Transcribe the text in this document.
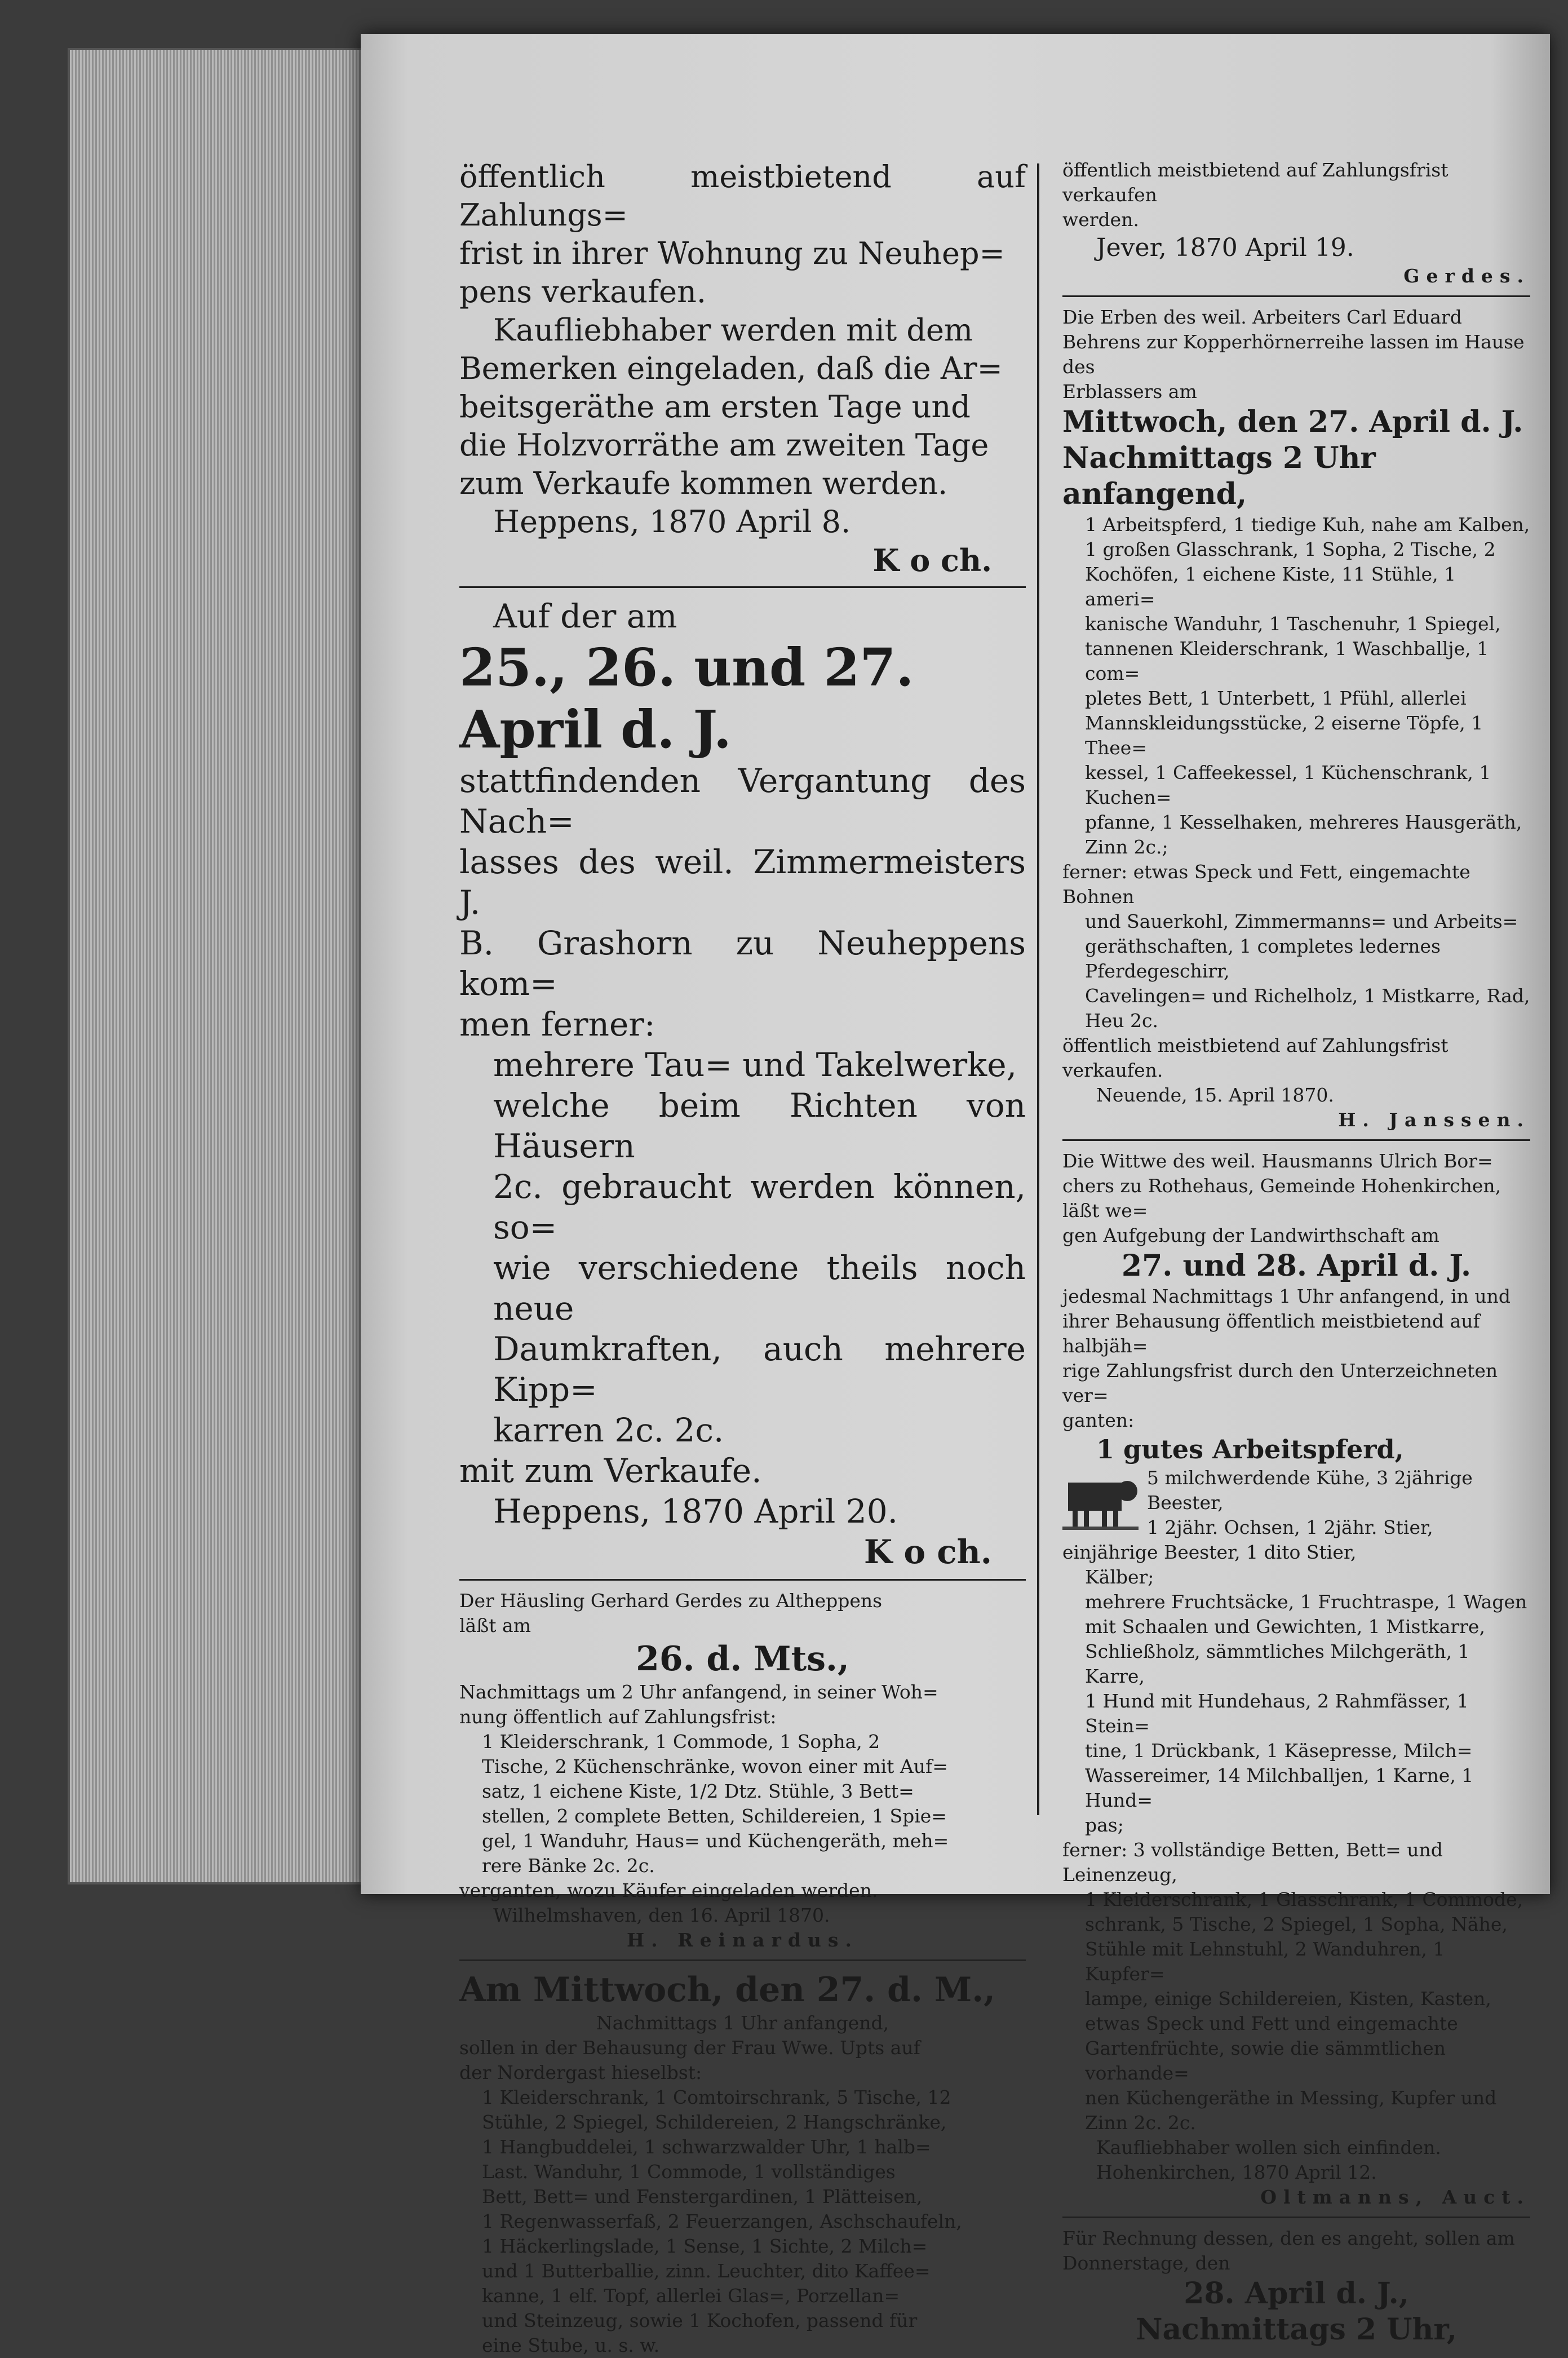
öffentlich meistbietend auf Zahlungs=

frist in ihrer Wohnung zu Neuhep=

pens verkaufen.

Kaufliebhaber werden mit dem

Bemerken eingeladen, daß die Ar=

beitsgeräthe am ersten Tage und

die Holzvorräthe am zweiten Tage

zum Verkaufe kommen werden.

Heppens, 1870 April 8.

K o ch.

Auf der am

25., 26. und 27. April d. J.

stattfindenden Vergantung des Nach=

lasses des weil. Zimmermeisters J.

B. Grashorn zu Neuheppens kom=

men ferner:

mehrere Tau= und Takelwerke,

welche beim Richten von Häusern

2c. gebraucht werden können, so=

wie verschiedene theils noch neue

Daumkraften, auch mehrere Kipp=

karren 2c. 2c.

mit zum Verkaufe.

Heppens, 1870 April 20.

K o ch.

Der Häusling Gerhard Gerdes zu Altheppens

läßt am

26. d. Mts.,

Nachmittags um 2 Uhr anfangend, in seiner Woh=

nung öffentlich auf Zahlungsfrist:

1 Kleiderschrank, 1 Commode, 1 Sopha, 2

Tische, 2 Küchenschränke, wovon einer mit Auf=

satz, 1 eichene Kiste, 1/2 Dtz. Stühle, 3 Bett=

stellen, 2 complete Betten, Schildereien, 1 Spie=

gel, 1 Wanduhr, Haus= und Küchengeräth, meh=

rere Bänke 2c. 2c.

verganten, wozu Käufer eingeladen werden.

Wilhelmshaven, den 16. April 1870.

H. Reinardus.

Am Mittwoch, den 27. d. M.,

Nachmittags 1 Uhr anfangend,

sollen in der Behausung der Frau Wwe. Upts auf

der Nordergast hieselbst:

1 Kleiderschrank, 1 Comtoirschrank, 5 Tische, 12

Stühle, 2 Spiegel, Schildereien, 2 Hangschränke,

1 Hangbuddelei, 1 schwarzwalder Uhr, 1 halb=

Last. Wanduhr, 1 Commode, 1 vollständiges

Bett, Bett= und Fenstergardinen, 1 Plätteisen,

1 Regenwasserfaß, 2 Feuerzangen, Aschschaufeln,

1 Häckerlingslade, 1 Sense, 1 Sichte, 2 Milch=

und 1 Butterballie, zinn. Leuchter, dito Kaffee=

kanne, 1 elf. Topf, allerlei Glas=, Porzellan=

und Steinzeug, sowie 1 Kochofen, passend für

eine Stube, u. s. w.

öffentlich meistbietend auf Zahlungsfrist verkaufen

werden.

Jever, 1870 April 19.

Gerdes.

Die Erben des weil. Arbeiters Carl Eduard

Behrens zur Kopperhörnerreihe lassen im Hause des

Erblassers am

Mittwoch, den 27. April d. J.

Nachmittags 2 Uhr anfangend,

1 Arbeitspferd, 1 tiedige Kuh, nahe am Kalben,

1 großen Glasschrank, 1 Sopha, 2 Tische, 2

Kochöfen, 1 eichene Kiste, 11 Stühle, 1 ameri=

kanische Wanduhr, 1 Taschenuhr, 1 Spiegel,

tannenen Kleiderschrank, 1 Waschballje, 1 com=

pletes Bett, 1 Unterbett, 1 Pfühl, allerlei

Mannskleidungsstücke, 2 eiserne Töpfe, 1 Thee=

kessel, 1 Caffeekessel, 1 Küchenschrank, 1 Kuchen=

pfanne, 1 Kesselhaken, mehreres Hausgeräth,

Zinn 2c.;

ferner: etwas Speck und Fett, eingemachte Bohnen

und Sauerkohl, Zimmermanns= und Arbeits=

geräthschaften, 1 completes ledernes Pferdegeschirr,

Cavelingen= und Richelholz, 1 Mistkarre, Rad,

Heu 2c.

öffentlich meistbietend auf Zahlungsfrist verkaufen.

Neuende, 15. April 1870.

H. Janssen.

Die Wittwe des weil. Hausmanns Ulrich Bor=

chers zu Rothehaus, Gemeinde Hohenkirchen, läßt we=

gen Aufgebung der Landwirthschaft am

27. und 28. April d. J.

jedesmal Nachmittags 1 Uhr anfangend, in und

ihrer Behausung öffentlich meistbietend auf halbjäh=

rige Zahlungsfrist durch den Unterzeichneten ver=

ganten:

1 gutes Arbeitspferd,

5 milchwerdende Kühe, 3 2jährige Beester,

1 2jähr. Ochsen, 1 2jähr. Stier,

einjährige Beester, 1 dito Stier,

Kälber;

mehrere Fruchtsäcke, 1 Fruchtraspe, 1 Wagen

mit Schaalen und Gewichten, 1 Mistkarre,

Schließholz, sämmtliches Milchgeräth, 1 Karre,

1 Hund mit Hundehaus, 2 Rahmfässer, 1 Stein=

tine, 1 Drückbank, 1 Käsepresse, Milch=

Wassereimer, 14 Milchballjen, 1 Karne, 1 Hund=

pas;

ferner: 3 vollständige Betten, Bett= und Leinenzeug,

1 Kleiderschrank, 1 Glasschrank, 1 Commode,

schrank, 5 Tische, 2 Spiegel, 1 Sopha, Nähe,

Stühle mit Lehnstuhl, 2 Wanduhren, 1 Kupfer=

lampe, einige Schildereien, Kisten, Kasten,

etwas Speck und Fett und eingemachte

Gartenfrüchte, sowie die sämmtlichen vorhande=

nen Küchengeräthe in Messing, Kupfer und

Zinn 2c. 2c.

Kaufliebhaber wollen sich einfinden.

Hohenkirchen, 1870 April 12.

Oltmanns, Auct.

Für Rechnung dessen, den es angeht, sollen am

Donnerstage, den

28. April d. J.,

Nachmittags 2 Uhr,
